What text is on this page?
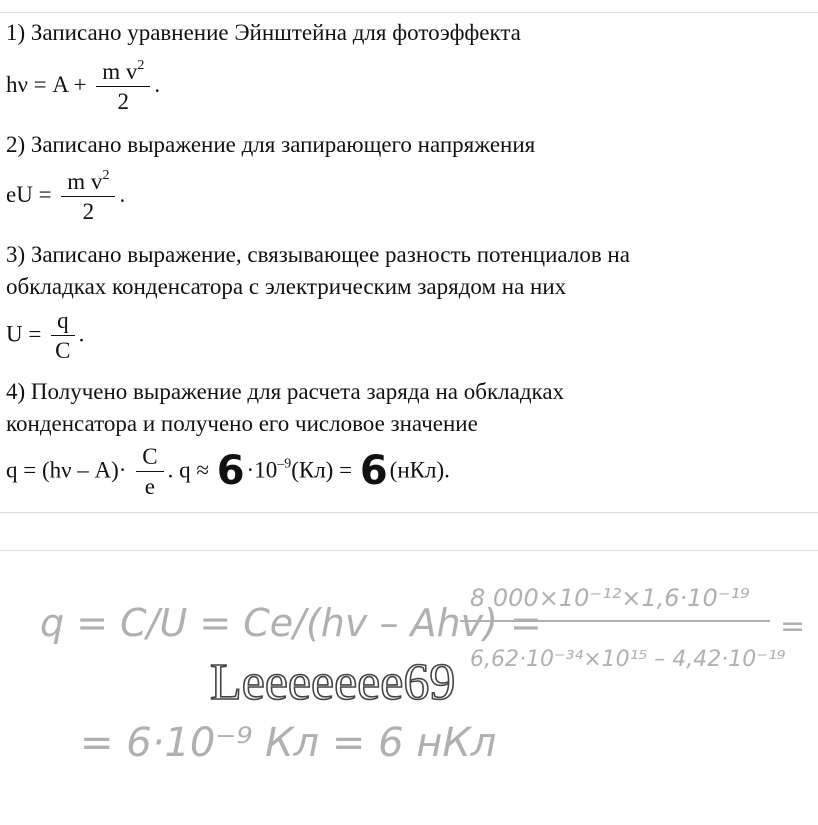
1) Записано уравнение Эйнштейна для фотоэффекта
$h\nu = A + \frac{m v^2}{2}$ .
2) Записано выражение для запирающего напряжения
eU = $\frac{m v^2}{2}$ .
3) Записано выражение, связывающее разность потенциалов на
обкладках конденсатора с электрическим зарядом на них
$U = \frac{q}{C}$ .
4) Получено выражение для расчета заряда на обкладках
конденсатора и получено его числовое значение
$q = (h\nu - A)\cdot \frac{C}{e}$ . $q \approx 6\cdot 10^{-9}(Кл) = 6(нКл)$.
q = C/U = Ce/(hv – Ahv) =
8 000×10⁻¹²×1,6·10⁻¹⁹
6,62·10⁻³⁴×10¹⁵ – 4,42·10⁻¹⁹
=
= 6·10⁻⁹ Кл = 6 нКл
Leeeeeee69
